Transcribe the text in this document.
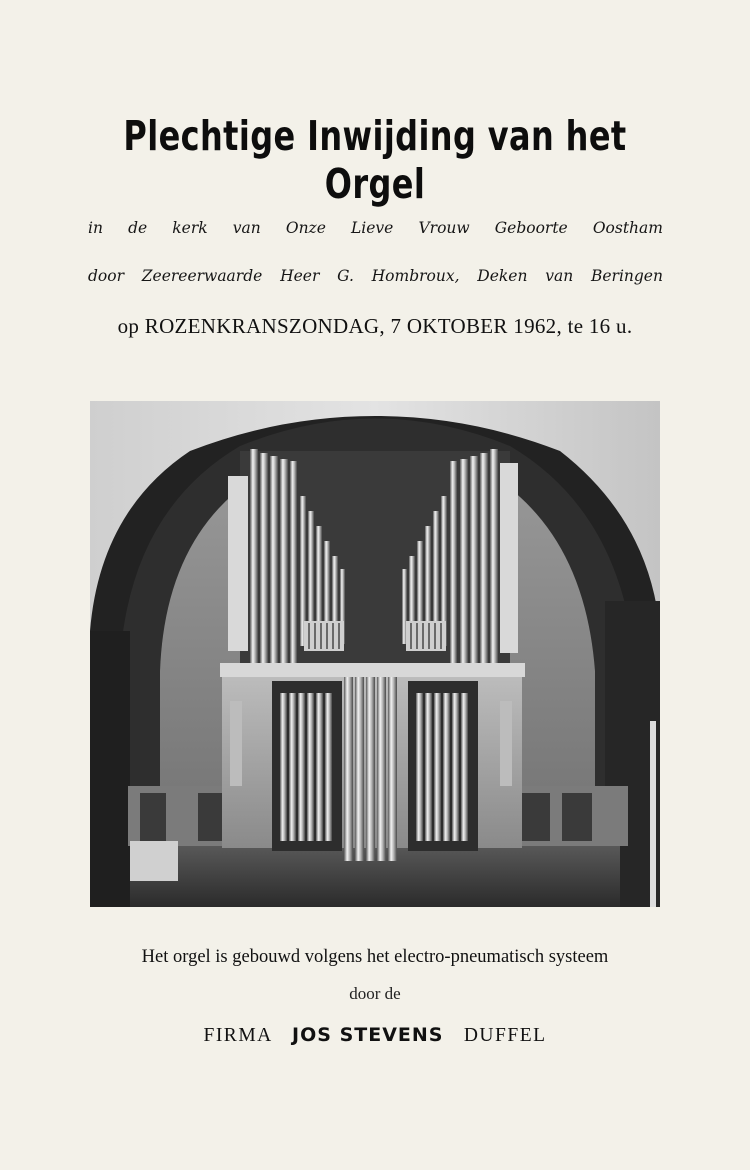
Plechtige Inwijding van het Orgel
in de kerk van Onze Lieve Vrouw Geboorte Oostham
door Zeereerwaarde Heer G. Hombroux, Deken van Beringen
op ROZENKRANSZONDAG, 7 OKTOBER 1962, te 16 u.
Het orgel is gebouwd volgens het electro-pneumatisch systeem
door de
FIRMA JOS STEVENS DUFFEL
